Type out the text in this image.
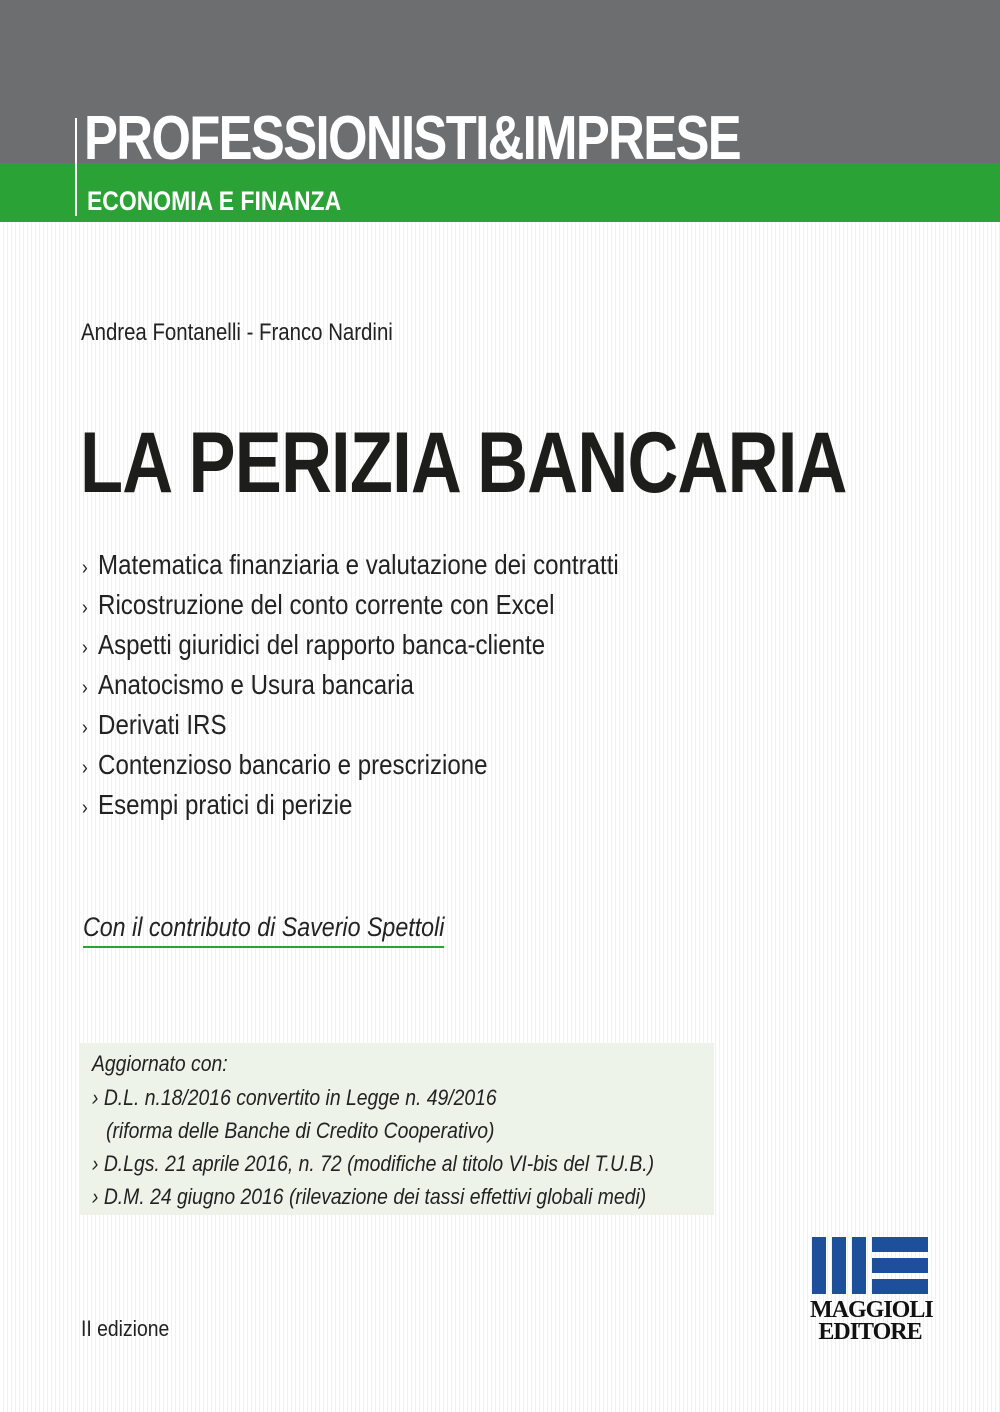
PROFESSIONISTI&IMPRESE
ECONOMIA E FINANZA
Andrea Fontanelli - Franco Nardini
LA PERIZIA BANCARIA
› Matematica finanziaria e valutazione dei contratti
› Ricostruzione del conto corrente con Excel
› Aspetti giuridici del rapporto banca-cliente
› Anatocismo e Usura bancaria
› Derivati IRS
› Contenzioso bancario e prescrizione
› Esempi pratici di perizie
Con il contributo di Saverio Spettoli
Aggiornato con:
› D.L. n.18/2016 convertito in Legge n. 49/2016
(riforma delle Banche di Credito Cooperativo)
› D.Lgs. 21 aprile 2016, n. 72 (modifiche al titolo VI-bis del T.U.B.)
› D.M. 24 giugno 2016 (rilevazione dei tassi effettivi globali medi)
II edizione
MAGGIOLI
EDITORE
